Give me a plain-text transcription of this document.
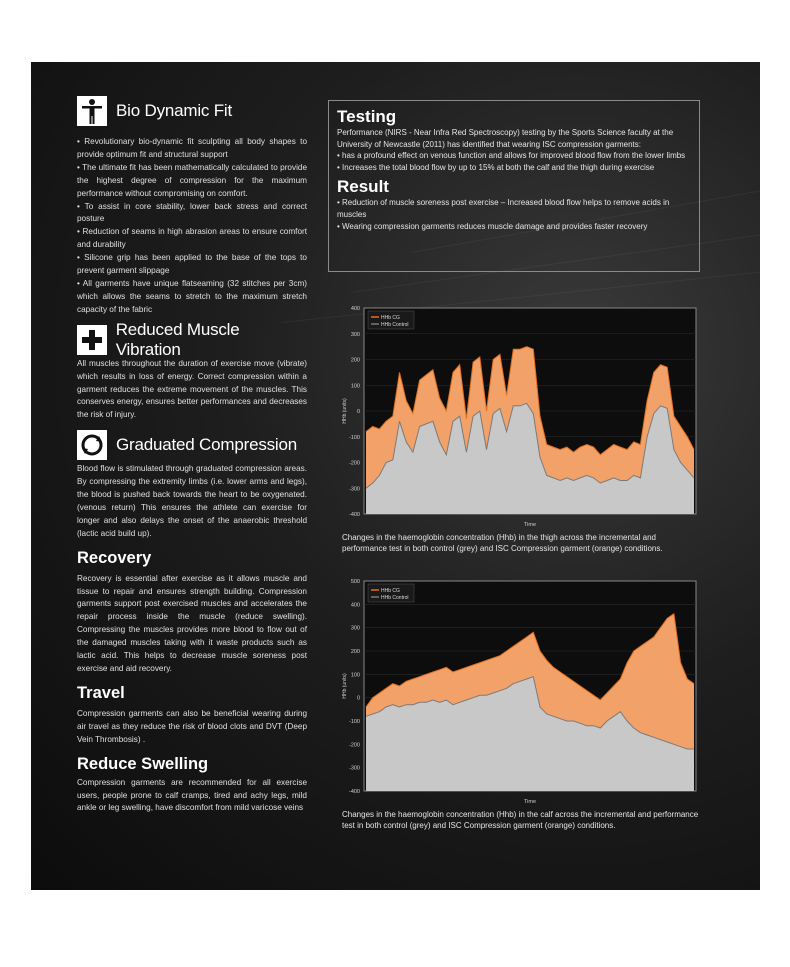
Bio Dynamic Fit

• Revolutionary bio-dynamic fit sculpting all body shapes to provide optimum fit and structural support

• The ultimate fit has been mathematically calculated to provide the highest degree of compression for the maximum performance without compromising on comfort.

• To assist in core stability, lower back stress and correct posture

• Reduction of seams in high abrasion areas to ensure comfort and durability

• Silicone grip has been applied to the base of the tops to prevent garment slippage

• All garments have unique flatseaming (32 stitches per 3cm) which allows the seams to stretch to the maximum stretch capacity of the fabric

Reduced Muscle Vibration

All muscles throughout the duration of exercise move (vibrate) which results in loss of energy. Correct compression within a garment reduces the extreme movement of the muscles. This conserves energy, ensures better performances and decreases the risk of injury.

Graduated Compression

Blood flow is stimulated through graduated compression areas. By compressing the extremity limbs (i.e. lower arms and legs), the blood is pushed back towards the heart to be oxygenated. (venous return) This ensures the athlete can exercise for longer and also delays the onset of the anaerobic threshold (lactic acid build up).

Recovery

Recovery is essential after exercise as it allows muscle and tissue to repair and ensures strength building. Compression garments support post exercised muscles and accelerates the repair process inside the muscle (reduce swelling). Compressing the muscles provides more blood to flow out of the damaged muscles taking with it waste products such as lactic acid. This helps to decrease muscle soreness post exercise and aid recovery.

Travel

Compression garments can also be beneficial wearing during air travel as they reduce the risk of blood clots and DVT (Deep Vein Thrombosis) .

Reduce Swelling

Compression garments are recommended for all exercise users, people prone to calf cramps, tired and achy legs, mild ankle or leg swelling, have discomfort from mild varicose veins

Testing

Performance (NIRS - Near Infra Red Spectroscopy) testing by the Sports Science faculty at the University of Newcastle (2011) has identified that wearing ISC compression garments:

• has a profound effect on venous function and allows for improved blood flow from the lower limbs

• Increases the total blood flow by up to 15% at both the calf and the thigh during exercise

Result

• Reduction of muscle soreness post exercise – Increased blood flow helps to remove acids in muscles

• Wearing compression garments reduces muscle damage and provides faster recovery

400
300
200
100
0
-100
-200
-300
-400
HHb (units)
Time
HHb CG
HHb Control

Changes in the haemoglobin concentration (Hhb) in the thigh across the incremental and performance test in both control (grey) and ISC Compression garment (orange) conditions.

500
400
300
200
100
0
-100
-200
-300
-400
HHb (units)
Time
HHb CG
HHb Control

Changes in the haemoglobin concentration (Hhb) in the calf across the incremental and performance test in both control (grey) and ISC Compression garment (orange) conditions.
